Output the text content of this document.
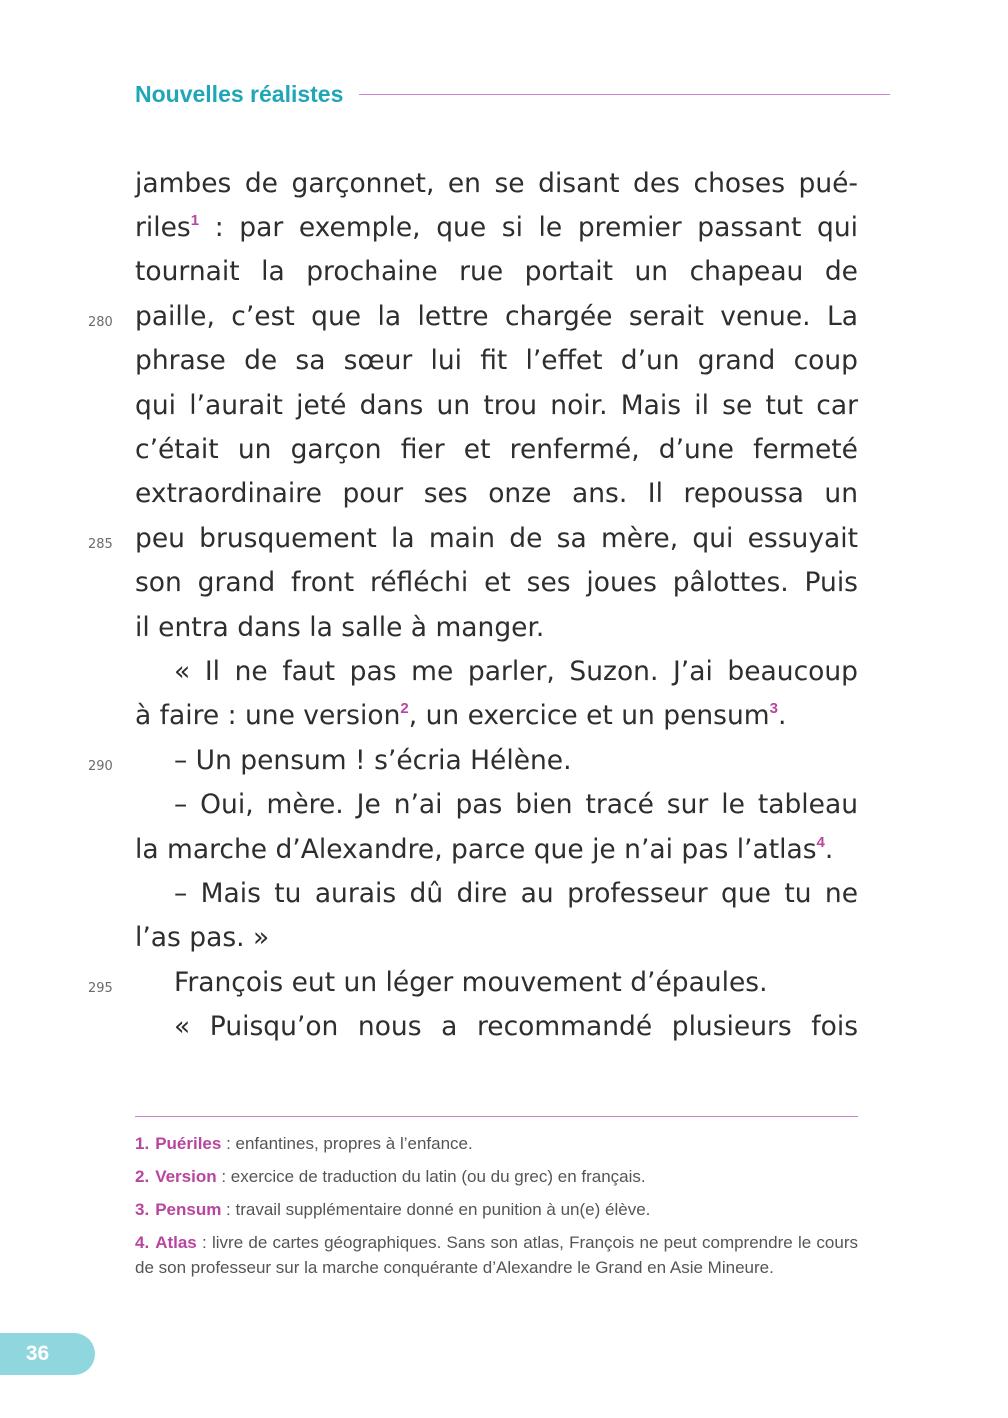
Nouvelles réalistes
jambes de garçonnet, en se disant des choses pué-
riles$^1$ : par exemple, que si le premier passant qui
tournait la prochaine rue portait un chapeau de
paille, c’est que la lettre chargée serait venue. La
phrase de sa sœur lui fit l’effet d’un grand coup
qui l’aurait jeté dans un trou noir. Mais il se tut car
c’était un garçon fier et renfermé, d’une fermeté
extraordinaire pour ses onze ans. Il repoussa un
peu brusquement la main de sa mère, qui essuyait
son grand front réfléchi et ses joues pâlottes. Puis
il entra dans la salle à manger.
« Il ne faut pas me parler, Suzon. J’ai beaucoup
à faire : une version$^2$, un exercice et un pensum$^3$.
– Un pensum ! s’écria Hélène.
– Oui, mère. Je n’ai pas bien tracé sur le tableau
la marche d’Alexandre, parce que je n’ai pas l’atlas$^4$.
– Mais tu aurais dû dire au professeur que tu ne
l’as pas. »
François eut un léger mouvement d’épaules.
« Puisqu’on nous a recommandé plusieurs fois
280
285
290
295
1. Puériles : enfantines, propres à l’enfance.
2. Version : exercice de traduction du latin (ou du grec) en français.
3. Pensum : travail supplémentaire donné en punition à un(e) élève.
4. Atlas : livre de cartes géographiques. Sans son atlas, François ne peut comprendre le cours de son professeur sur la marche conquérante d’Alexandre le Grand en Asie Mineure.
36
